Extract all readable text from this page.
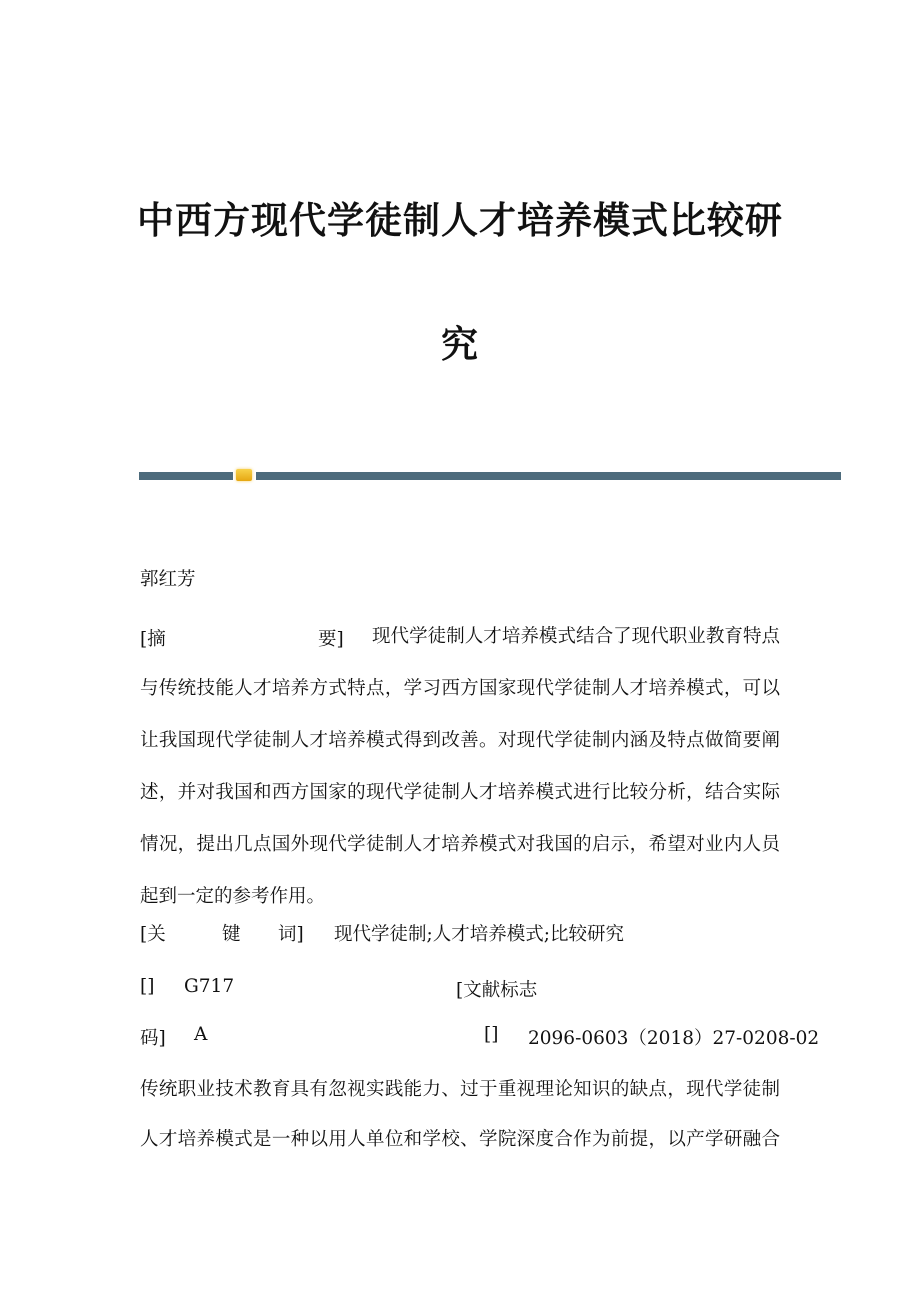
中西方现代学徒制人才培养模式比较研
究
郭红芳
[摘	要] 现代学徒制人才培养模式结合了现代职业教育特点
与传统技能人才培养方式特点，学习西方国家现代学徒制人才培养模式，可以
让我国现代学徒制人才培养模式得到改善。对现代学徒制内涵及特点做简要阐
述，并对我国和西方国家的现代学徒制人才培养模式进行比较分析，结合实际
情况，提出几点国外现代学徒制人才培养模式对我国的启示，希望对业内人员
起到一定的参考作用。
[关	键 词] 现代学徒制;人才培养模式;比较研究
[] G717	[文献标志
码] A	[] 2096-0603（2018）27-0208-02
传统职业技术教育具有忽视实践能力、过于重视理论知识的缺点，现代学徒制
人才培养模式是一种以用人单位和学校、学院深度合作为前提，以产学研融合
